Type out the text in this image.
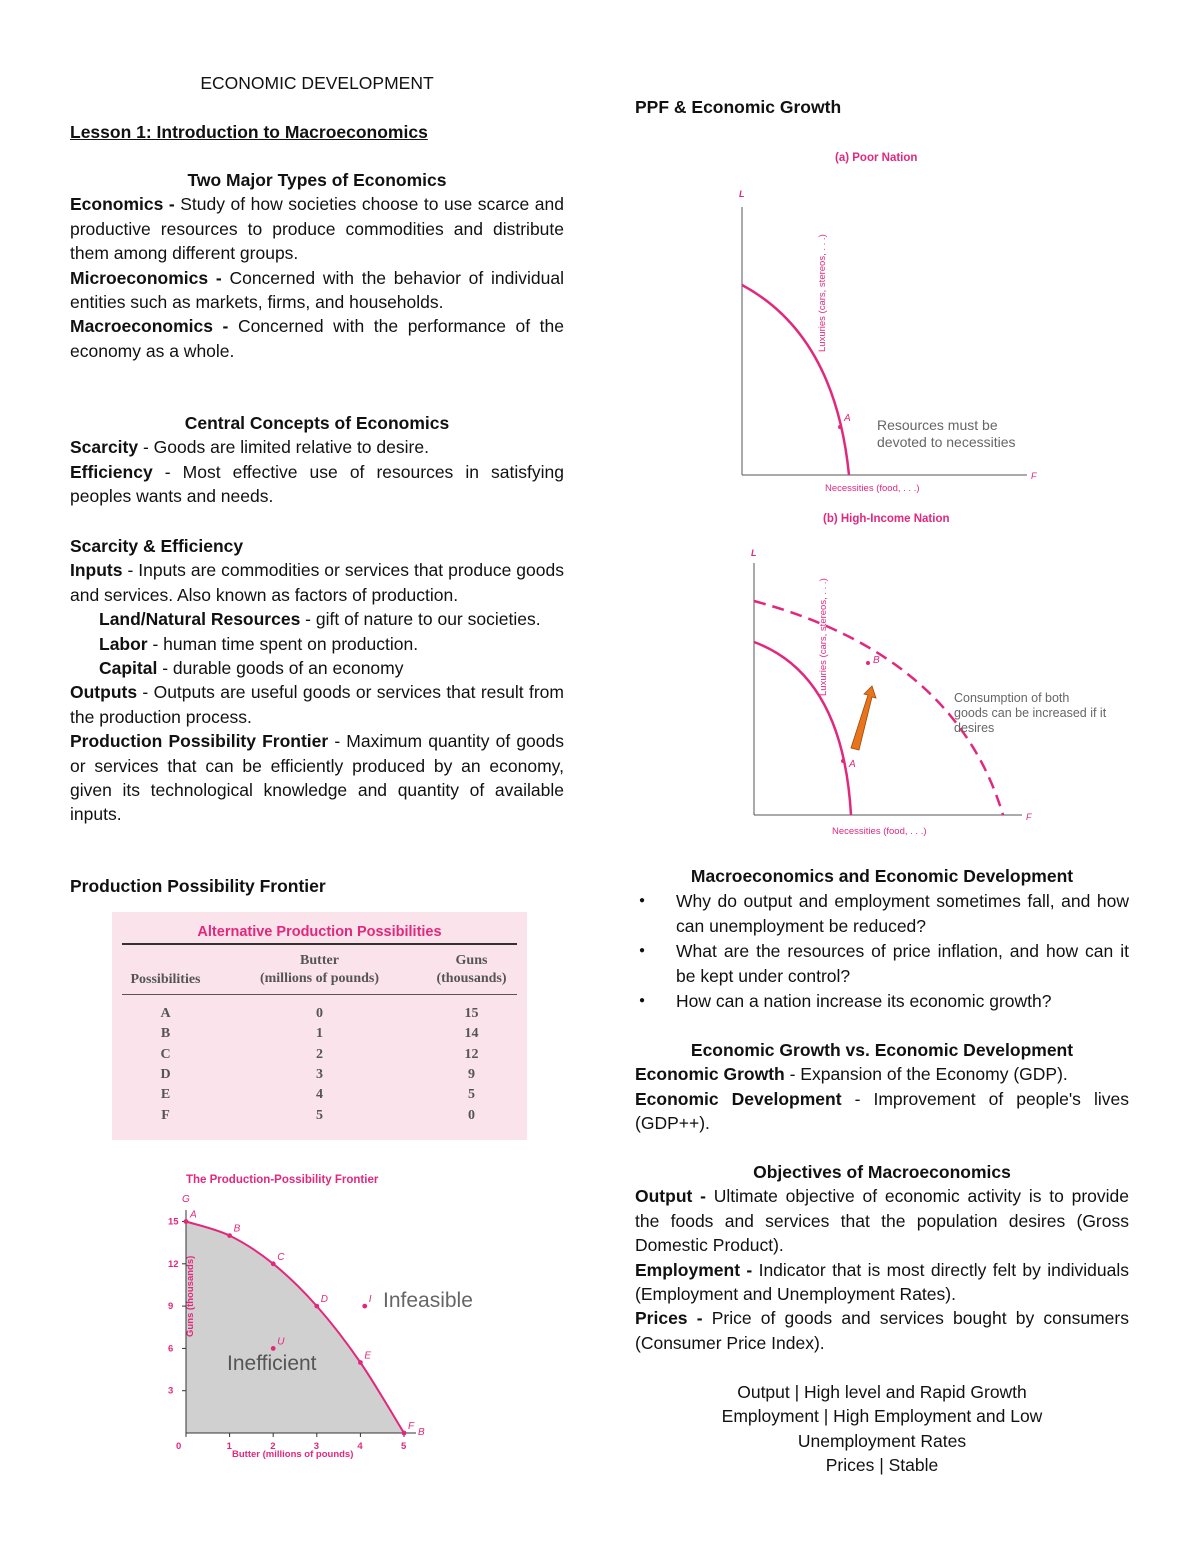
ECONOMIC DEVELOPMENT

Lesson 1: Introduction to Macroeconomics

Two Major Types of Economics

Economics - Study of how societies choose to use scarce and productive resources to produce commodities and distribute them among different groups.

Microeconomics - Concerned with the behavior of individual entities such as markets, firms, and households.

Macroeconomics - Concerned with the performance of the economy as a whole.

Central Concepts of Economics

Scarcity - Goods are limited relative to desire.

Efficiency - Most effective use of resources in satisfying peoples wants and needs.

Scarcity & Efficiency

Inputs - Inputs are commodities or services that produce goods and services. Also known as factors of production.

Land/Natural Resources - gift of nature to our societies.

Labor - human time spent on production.

Capital - durable goods of an economy

Outputs - Outputs are useful goods or services that result from the production process.

Production Possibility Frontier - Maximum quantity of goods or services that can be efficiently produced by an economy, given its technological knowledge and quantity of available inputs.

Production Possibility Frontier

Alternative Production Possibilities
Possibilities
Butter
(millions of pounds)
Guns
(thousands)
A	0	15
B	1	14
C	2	12
D	3	9
E	4	5
F	5	0
The Production-Possibility Frontier
G
B
0	1	2	3	4	5
3
6
9
12
15
A
B
C
D
E
F
U
I
Guns (thousands)
Butter (millions of pounds)
Infeasible
Inefficient

PPF & Economic Growth

(a) Poor Nation
L
F
A
Luxuries (cars, stereos, . . .)
Necessities (food, . . .)
Resources must be
devoted to necessities
(b) High-Income Nation
L
F
A
B
Luxuries (cars, stereos, . . .)
Necessities (food, . . .)
Consumption of both
goods can be increased if it
desires

Macroeconomics and Economic Development

● Why do output and employment sometimes fall, and how can unemployment be reduced?
● What are the resources of price inflation, and how can it be kept under control?
● How can a nation increase its economic growth?

Economic Growth vs. Economic Development

Economic Growth - Expansion of the Economy (GDP).

Economic Development - Improvement of people's lives (GDP++).

Objectives of Macroeconomics

Output - Ultimate objective of economic activity is to provide the foods and services that the population desires (Gross Domestic Product).

Employment - Indicator that is most directly felt by individuals (Employment and Unemployment Rates).

Prices - Price of goods and services bought by consumers (Consumer Price Index).

Output | High level and Rapid Growth

Employment | High Employment and Low

Unemployment Rates

Prices | Stable
